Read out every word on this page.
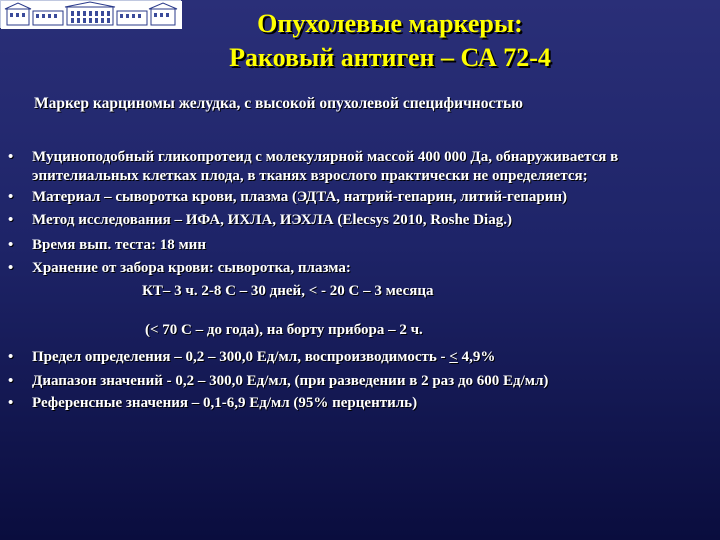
Опухолевые маркеры:
Раковый антиген – СА 72-4
Маркер карциномы желудка, с высокой опухолевой специфичностью
• Муциноподобный гликопротеид с молекулярной массой 400 000 Да, обнаруживается в эпителиальных клетках плода, в тканях взрослого практически не определяется;
• Материал – сыворотка крови, плазма (ЭДТА, натрий-гепарин, литий-гепарин)
• Метод исследования – ИФА, ИХЛА, ИЭХЛА (Elecsys 2010, Roshe Diag.)
• Время вып. теста: 18 мин
• Хранение от забора крови: сыворотка, плазма:
• Предел определения – 0,2 – 300,0 Ед/мл, воспроизводимость - ≤ 4,9%
• Диапазон значений - 0,2 – 300,0 Ед/мл, (при разведении в 2 раз до 600 Ед/мл)
• Референсные значения – 0,1-6,9 Ед/мл (95% перцентиль)
КТ– 3 ч. 2-8 С – 30 дней, < - 20 С – 3 месяца
(< 70 С – до года), на борту прибора – 2 ч.
